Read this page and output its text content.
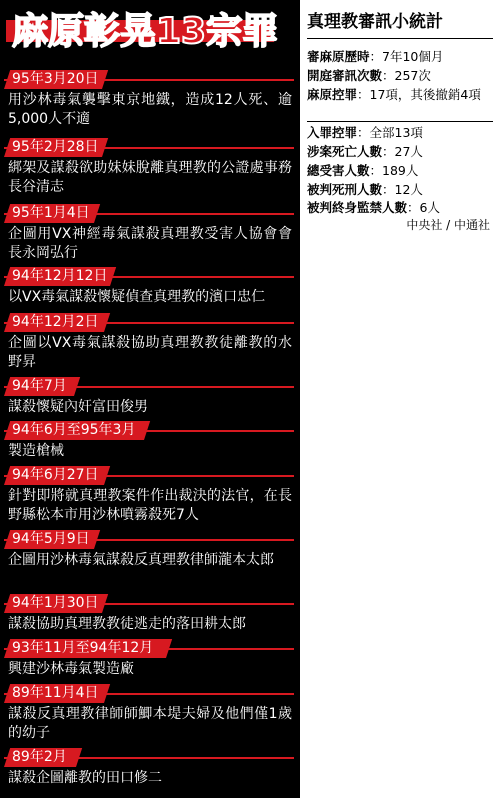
麻原彰晃13宗罪
95年3月20日
用沙林毒氣襲擊東京地鐵，造成12人死、逾5,000人不適
95年2月28日
綁架及謀殺欲助妹妹脫離真理教的公證處事務長谷清志
95年1月4日
企圖用VX神經毒氣謀殺真理教受害人協會會長永岡弘行
94年12月12日
以VX毒氣謀殺懷疑偵查真理教的濱口忠仁
94年12月2日
企圖以VX毒氣謀殺協助真理教教徒離教的水野昇
94年7月
謀殺懷疑內奸富田俊男
94年6月至95年3月
製造槍械
94年6月27日
針對即將就真理教案件作出裁決的法官，在長野縣松本市用沙林噴霧殺死7人
94年5月9日
企圖用沙林毒氣謀殺反真理教律師瀧本太郎
94年1月30日
謀殺協助真理教教徒逃走的落田耕太郎
93年11月至94年12月
興建沙林毒氣製造廠
89年11月4日
謀殺反真理教律師師鯽本堤夫婦及他們僅1歲的幼子
89年2月
謀殺企圖離教的田口修二
真理教審訊小統計
審麻原歷時：7年10個月
開庭審訊次數：257次
麻原控罪：17項，其後撤銷4項
入罪控罪：全部13項
涉案死亡人數：27人
總受害人數：189人
被判死刑人數：12人
被判終身監禁人數：6人
中央社 / 中通社
